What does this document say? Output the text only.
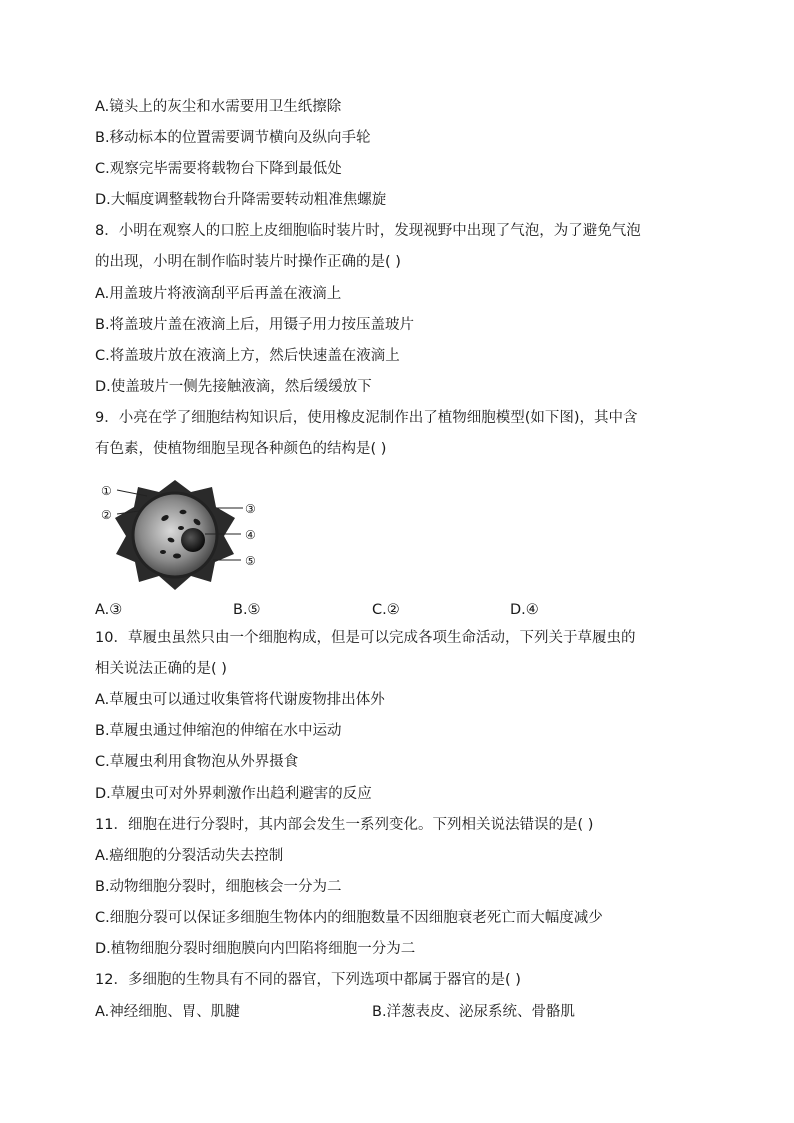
A.镜头上的灰尘和水需要用卫生纸擦除
B.移动标本的位置需要调节横向及纵向手轮
C.观察完毕需要将载物台下降到最低处
D.大幅度调整载物台升降需要转动粗准焦螺旋
8．小明在观察人的口腔上皮细胞临时装片时，发现视野中出现了气泡，为了避免气泡
的出现，小明在制作临时装片时操作正确的是( )
A.用盖玻片将液滴刮平后再盖在液滴上
B.将盖玻片盖在液滴上后，用镊子用力按压盖玻片
C.将盖玻片放在液滴上方，然后快速盖在液滴上
D.使盖玻片一侧先接触液滴，然后缓缓放下
9．小亮在学了细胞结构知识后，使用橡皮泥制作出了植物细胞模型(如下图)，其中含
有色素，使植物细胞呈现各种颜色的结构是( )
①
②	③
④
⑤
A.③	B.⑤	C.②	D.④
10．草履虫虽然只由一个细胞构成，但是可以完成各项生命活动，下列关于草履虫的
相关说法正确的是( )
A.草履虫可以通过收集管将代谢废物排出体外
B.草履虫通过伸缩泡的伸缩在水中运动
C.草履虫利用食物泡从外界摄食
D.草履虫可对外界刺激作出趋利避害的反应
11．细胞在进行分裂时，其内部会发生一系列变化。下列相关说法错误的是( )
A.癌细胞的分裂活动失去控制
B.动物细胞分裂时，细胞核会一分为二
C.细胞分裂可以保证多细胞生物体内的细胞数量不因细胞衰老死亡而大幅度减少
D.植物细胞分裂时细胞膜向内凹陷将细胞一分为二
12．多细胞的生物具有不同的器官，下列选项中都属于器官的是( )
A.神经细胞、胃、肌腱	B.洋葱表皮、泌尿系统、骨骼肌
